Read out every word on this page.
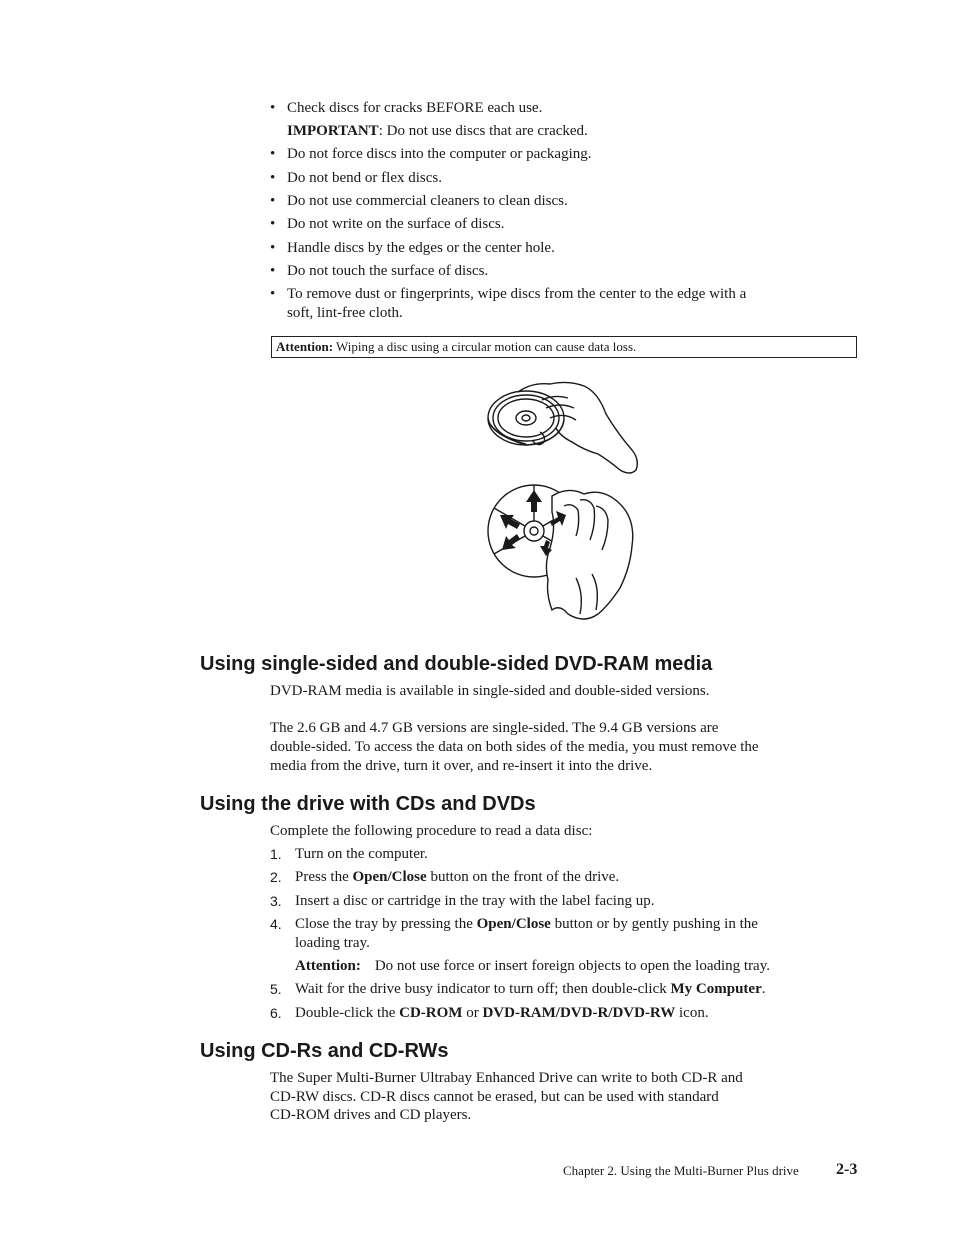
• Check discs for cracks BEFORE each use.
IMPORTANT: Do not use discs that are cracked.
• Do not force discs into the computer or packaging.
• Do not bend or flex discs.
• Do not use commercial cleaners to clean discs.
• Do not write on the surface of discs.
• Handle discs by the edges or the center hole.
• Do not touch the surface of discs.
• To remove dust or fingerprints, wipe discs from the center to the edge with a
soft, lint-free cloth.
Attention: Wiping a disc using a circular motion can cause data loss.
Using single-sided and double-sided DVD-RAM media
DVD-RAM media is available in single-sided and double-sided versions.
The 2.6 GB and 4.7 GB versions are single-sided. The 9.4 GB versions are
double-sided. To access the data on both sides of the media, you must remove the
media from the drive, turn it over, and re-insert it into the drive.
Using the drive with CDs and DVDs
Complete the following procedure to read a data disc:
1. Turn on the computer.
2. Press the Open/Close button on the front of the drive.
3. Insert a disc or cartridge in the tray with the label facing up.
4. Close the tray by pressing the Open/Close button or by gently pushing in the
loading tray.
Attention: Do not use force or insert foreign objects to open the loading tray.
5. Wait for the drive busy indicator to turn off; then double-click My Computer.
6. Double-click the CD-ROM or DVD-RAM/DVD-R/DVD-RW icon.
Using CD-Rs and CD-RWs
The Super Multi-Burner Ultrabay Enhanced Drive can write to both CD-R and
CD-RW discs. CD-R discs cannot be erased, but can be used with standard
CD-ROM drives and CD players.
Chapter 2. Using the Multi-Burner Plus drive 2-3
